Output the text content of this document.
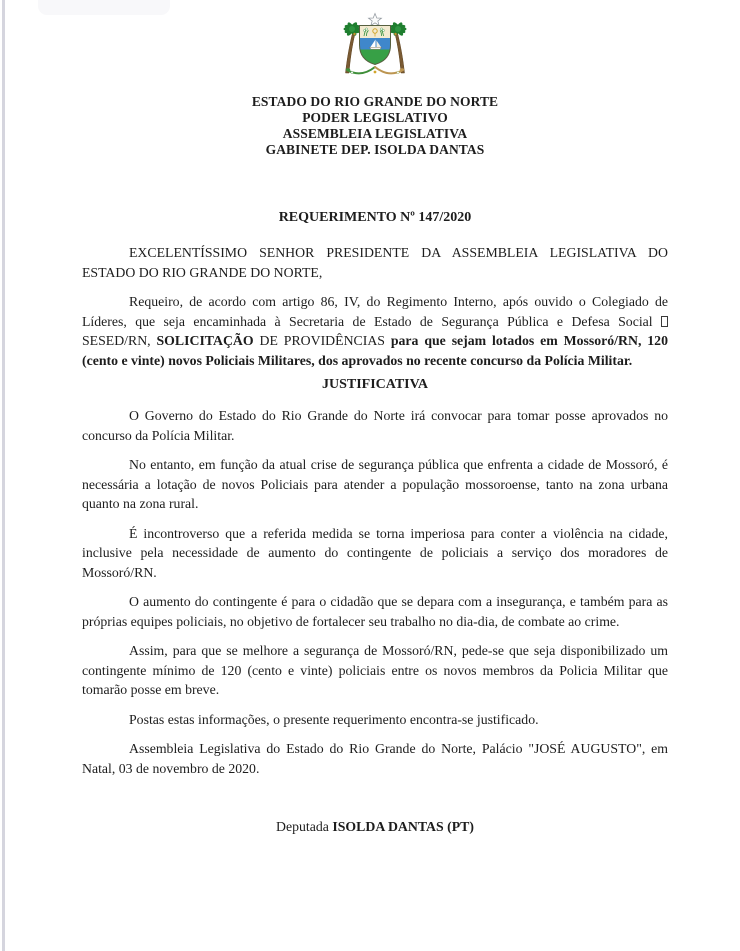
ESTADO DO RIO GRANDE DO NORTE
PODER LEGISLATIVO
ASSEMBLEIA LEGISLATIVA
GABINETE DEP. ISOLDA DANTAS
REQUERIMENTO Nº 147/2020

EXCELENTÍSSIMO SENHOR PRESIDENTE DA ASSEMBLEIA LEGISLATIVA DO ESTADO DO RIO GRANDE DO NORTE,

Requeiro, de acordo com artigo 86, IV, do Regimento Interno, após ouvido o Colegiado de Líderes, que seja encaminhada à Secretaria de Estado de Segurança Pública e Defesa Social  SESED/RN, SOLICITAÇÃO DE PROVIDÊNCIAS para que sejam lotados em Mossoró/RN, 120 (cento e vinte) novos Policiais Militares, dos aprovados no recente concurso da Polícia Militar.

JUSTIFICATIVA

O Governo do Estado do Rio Grande do Norte irá convocar para tomar posse aprovados no concurso da Polícia Militar.

No entanto, em função da atual crise de segurança pública que enfrenta a cidade de Mossoró, é necessária a lotação de novos Policiais para atender a população mossoroense, tanto na zona urbana quanto na zona rural.

É incontroverso que a referida medida se torna imperiosa para conter a violência na cidade, inclusive pela necessidade de aumento do contingente de policiais a serviço dos moradores de Mossoró/RN.

O aumento do contingente é para o cidadão que se depara com a insegurança, e também para as próprias equipes policiais, no objetivo de fortalecer seu trabalho no dia-dia, de combate ao crime.

Assim, para que se melhore a segurança de Mossoró/RN, pede-se que seja disponibilizado um contingente mínimo de 120 (cento e vinte) policiais entre os novos membros da Policia Militar que tomarão posse em breve.

Postas estas informações, o presente requerimento encontra-se justificado.

Assembleia Legislativa do Estado do Rio Grande do Norte, Palácio "JOSÉ AUGUSTO", em Natal, 03 de novembro de 2020.

Deputada ISOLDA DANTAS (PT)
